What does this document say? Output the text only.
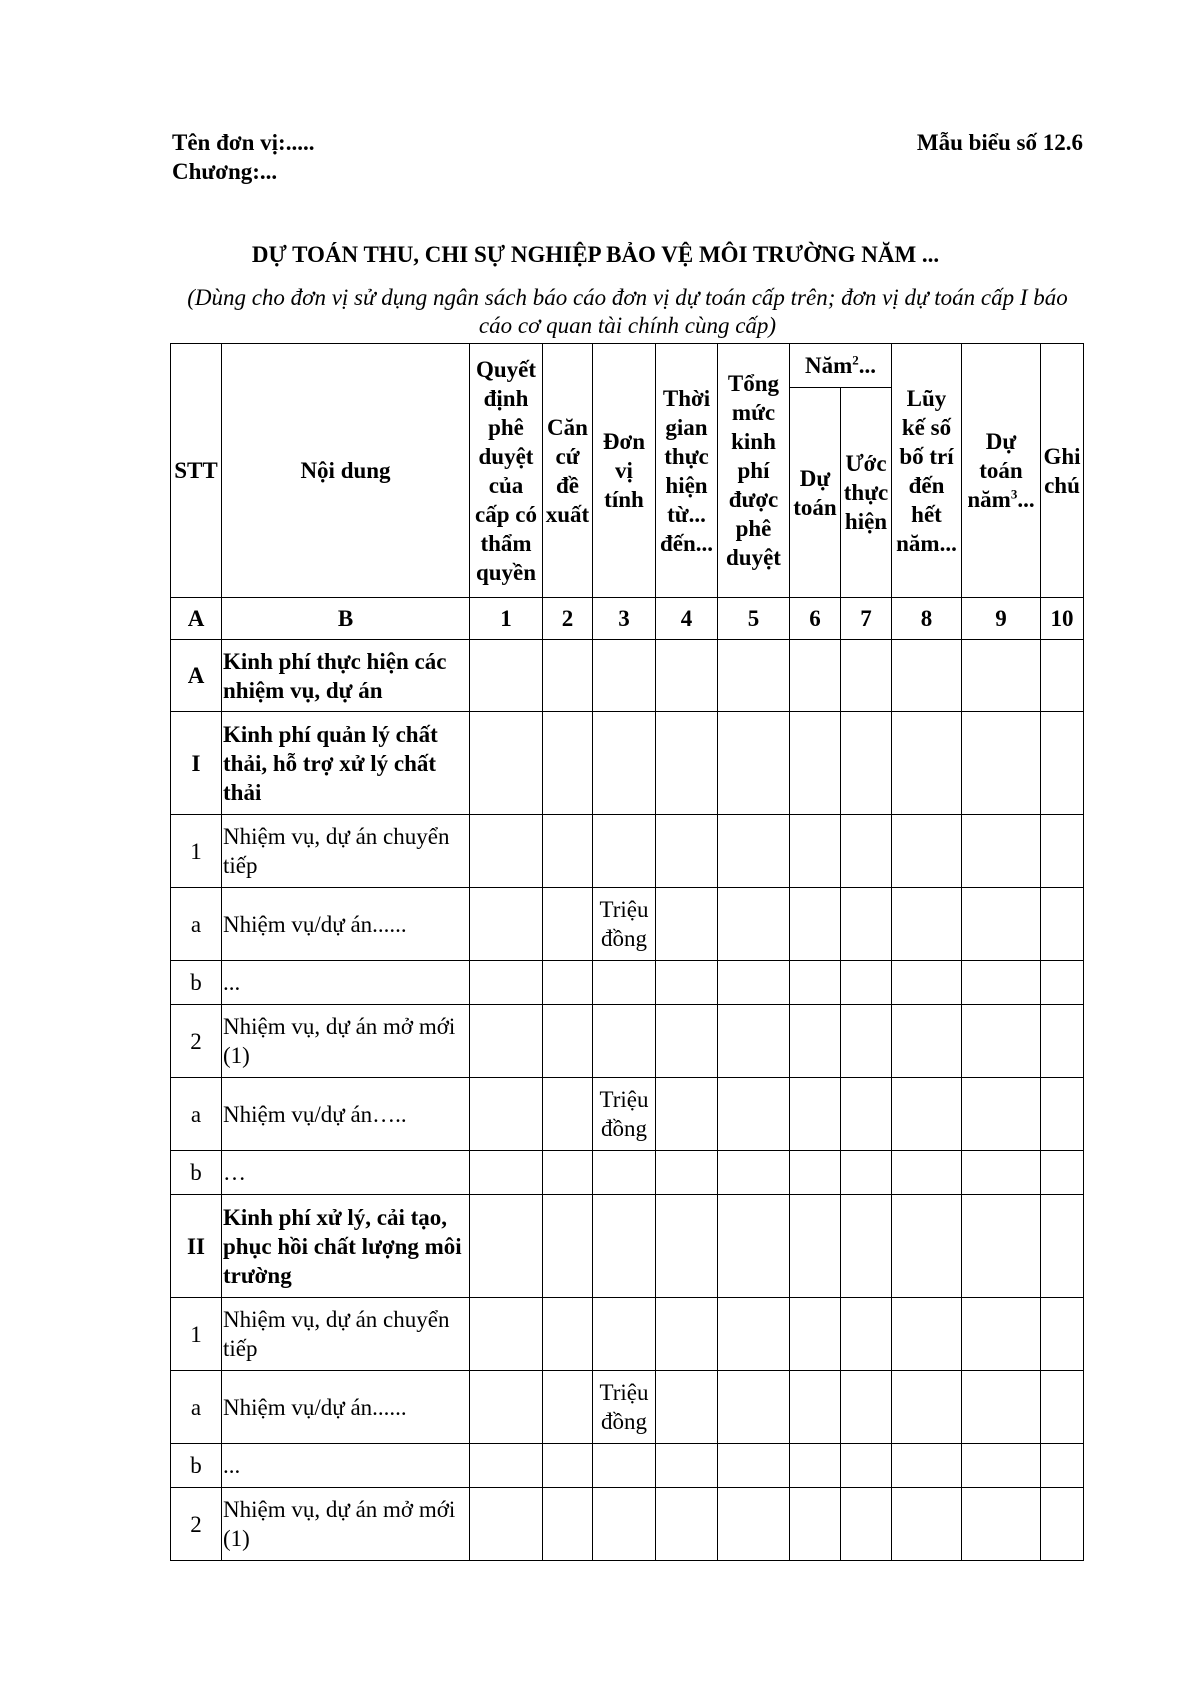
Tên đơn vị:.....
Chương:...
Mẫu biểu số 12.6
DỰ TOÁN THU, CHI SỰ NGHIỆP BẢO VỆ MÔI TRƯỜNG NĂM ...
(Dùng cho đơn vị sử dụng ngân sách báo cáo đơn vị dự toán cấp trên; đơn vị dự toán cấp I báo cáo cơ quan tài chính cùng cấp)
STT	Nội dung	Quyết định phê duyệt của cấp có thẩm quyền	Căn cứ đề xuất	Đơn vị tính	Thời gian thực hiện từ... đến...	Tổng mức kinh phí được phê duyệt	Năm$^2$...		Lũy kế số bố trí đến hết năm...	Dự toán năm$^3$...	Ghi chú
							Dự toán	Ước thực hiện			
A	B	1	2	3	4	5	6	7	8	9	10
A	Kinh phí thực hiện các nhiệm vụ, dự án										
I	Kinh phí quản lý chất thải, hỗ trợ xử lý chất thải										
1	Nhiệm vụ, dự án chuyển tiếp										
a	Nhiệm vụ/dự án......			Triệu đồng							
b	...										
2	Nhiệm vụ, dự án mở mới (1)										
a	Nhiệm vụ/dự án…..			Triệu đồng							
b	…										
II	Kinh phí xử lý, cải tạo, phục hồi chất lượng môi trường										
1	Nhiệm vụ, dự án chuyển tiếp										
a	Nhiệm vụ/dự án......			Triệu đồng							
b	...										
2	Nhiệm vụ, dự án mở mới (1)										
